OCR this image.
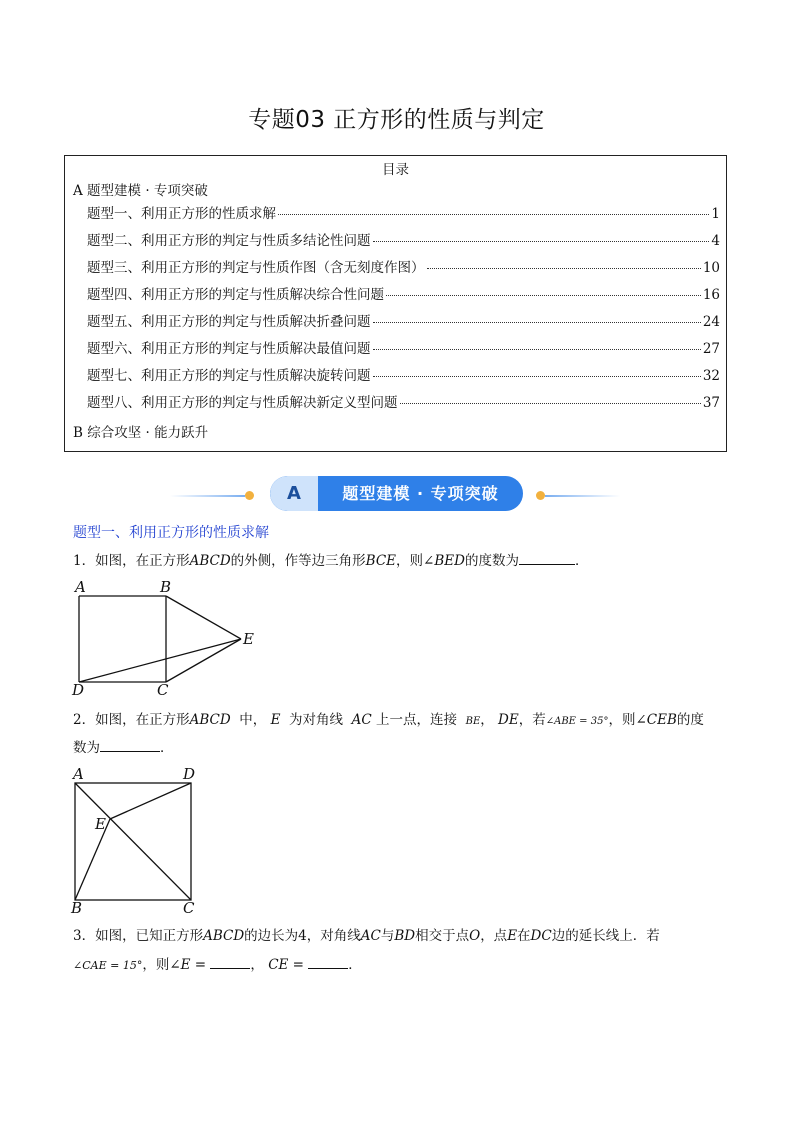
专题03 正方形的性质与判定
目录
A 题型建模 · 专项突破
题型一、利用正方形的性质求解	1
题型二、利用正方形的判定与性质多结论性问题	4
题型三、利用正方形的判定与性质作图（含无刻度作图）	10
题型四、利用正方形的判定与性质解决综合性问题	16
题型五、利用正方形的判定与性质解决折叠问题	24
题型六、利用正方形的判定与性质解决最值问题	27
题型七、利用正方形的判定与性质解决旋转问题	32
题型八、利用正方形的判定与性质解决新定义型问题	37
B 综合攻坚 · 能力跃升
A	题型建模 · 专项突破
题型一、利用正方形的性质求解
1．如图，在正方形ABCD的外侧，作等边三角形BCE，则∠BED的度数为	．
A	B
E
D	C
2．如图，在正方形ABCD 中， E 为对角线 AC 上一点，连接 BE， DE，若∠ABE = 35°，则∠CEB的度
数为	．
A	D
E
B	C
3．如图，已知正方形ABCD的边长为4，对角线AC与BD相交于点O，点E在DC边的延长线上．若
∠CAE = 15°，则∠E =	， CE =	．
